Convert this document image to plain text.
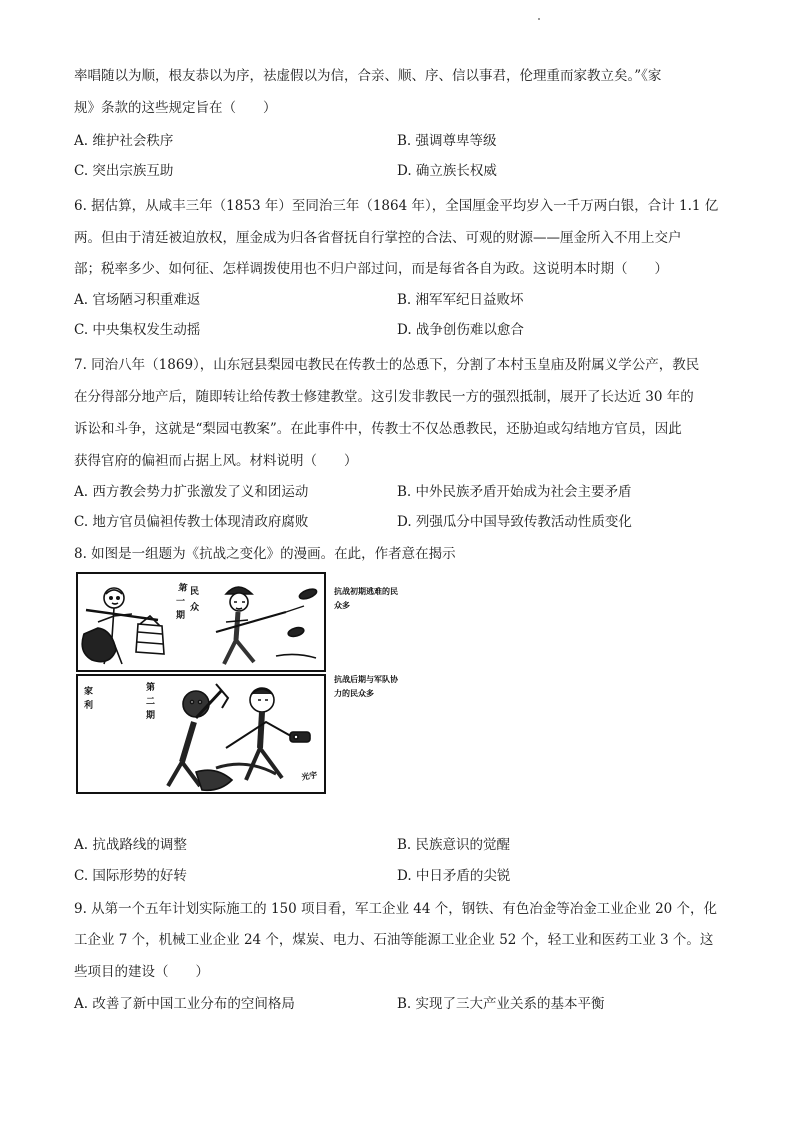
率唱随以为顺，根友恭以为序，祛虚假以为信，合亲、顺、序、信以事君，伦理重而家教立矣。”《家
规》条款的这些规定旨在（　　）
A. 维护社会秩序	B. 强调尊卑等级
C. 突出宗族互助	D. 确立族长权威
6. 据估算，从咸丰三年（1853 年）至同治三年（1864 年），全国厘金平均岁入一千万两白银，合计 1.1 亿
两。但由于清廷被迫放权，厘金成为归各省督抚自行掌控的合法、可观的财源——厘金所入不用上交户
部；税率多少、如何征、怎样调拨使用也不归户部过问，而是每省各自为政。这说明本时期（　　）
A. 官场陋习积重难返	B. 湘军军纪日益败坏
C. 中央集权发生动摇	D. 战争创伤难以愈合
7. 同治八年（1869），山东冠县梨园屯教民在传教士的怂恿下，分割了本村玉皇庙及附属义学公产，教民
在分得部分地产后，随即转让给传教士修建教堂。这引发非教民一方的强烈抵制，展开了长达近 30 年的
诉讼和斗争，这就是“梨园屯教案”。在此事件中，传教士不仅怂恿教民，还胁迫或勾结地方官员，因此
获得官府的偏袒而占据上风。材料说明（　　）
A. 西方教会势力扩张激发了义和团运动	B. 中外民族矛盾开始成为社会主要矛盾
C. 地方官员偏袒传教士体现清政府腐败	D. 列强瓜分中国导致传教活动性质变化
8. 如图是一组题为《抗战之变化》的漫画。在此，作者意在揭示
第
一
期
民
众
家
利
第
二
期
光宇
抗战初期逃难的民
众多
抗战后期与军队协
力的民众多
A. 抗战路线的调整	B. 民族意识的觉醒
C. 国际形势的好转	D. 中日矛盾的尖锐
9. 从第一个五年计划实际施工的 150 项目看，军工企业 44 个，钢铁、有色冶金等冶金工业企业 20 个，化
工企业 7 个，机械工业企业 24 个，煤炭、电力、石油等能源工业企业 52 个，轻工业和医药工业 3 个。这
些项目的建设（　　）
A. 改善了新中国工业分布的空间格局	B. 实现了三大产业关系的基本平衡
